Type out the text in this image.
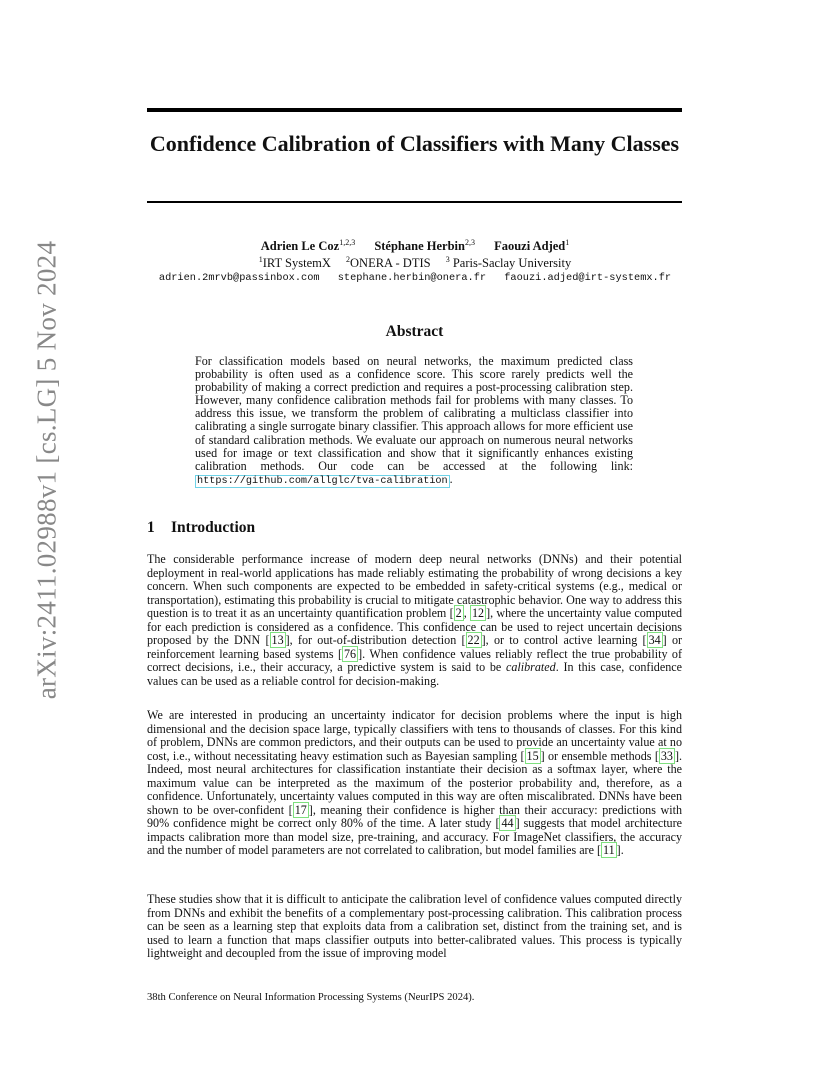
arXiv:2411.02988v1 [cs.LG] 5 Nov 2024
Confidence Calibration of Classifiers with Many Classes
Adrien Le Coz$^{1,2,3}$ Stéphane Herbin$^{2,3}$ Faouzi Adjed$^1$
$^1$IRT SystemX $^2$ONERA - DTIS $^3$ Paris-Saclay University
adrien.2mrvb@passinbox.com stephane.herbin@onera.fr faouzi.adjed@irt-systemx.fr
Abstract

For classification models based on neural networks, the maximum predicted class probability is often used as a confidence score. This score rarely predicts well the probability of making a correct prediction and requires a post-processing calibration step. However, many confidence calibration methods fail for problems with many classes. To address this issue, we transform the problem of calibrating a multiclass classifier into calibrating a single surrogate binary classifier. This approach allows for more efficient use of standard calibration methods. We evaluate our approach on numerous neural networks used for image or text classification and show that it significantly enhances existing calibration methods. Our code can be accessed at the following link: https://github.com/allglc/tva-calibration .

1 Introduction

The considerable performance increase of modern deep neural networks (DNNs) and their potential deployment in real-world applications has made reliably estimating the probability of wrong decisions a key concern. When such components are expected to be embedded in safety-critical systems (e.g., medical or transportation), estimating this probability is crucial to mitigate catastrophic behavior. One way to address this question is to treat it as an uncertainty quantification problem [ 2 , 12 ], where the uncertainty value computed for each prediction is considered as a confidence. This confidence can be used to reject uncertain decisions proposed by the DNN [ 13 ], for out-of-distribution detection [ 22 ], or to control active learning [ 34 ] or reinforcement learning based systems [ 76 ]. When confidence values reliably reflect the true probability of correct decisions, i.e., their accuracy, a predictive system is said to be calibrated. In this case, confidence values can be used as a reliable control for decision-making.

We are interested in producing an uncertainty indicator for decision problems where the input is high dimensional and the decision space large, typically classifiers with tens to thousands of classes. For this kind of problem, DNNs are common predictors, and their outputs can be used to provide an uncertainty value at no cost, i.e., without necessitating heavy estimation such as Bayesian sampling [ 15 ] or ensemble methods [ 33 ]. Indeed, most neural architectures for classification instantiate their decision as a softmax layer, where the maximum value can be interpreted as the maximum of the posterior probability and, therefore, as a confidence. Unfortunately, uncertainty values computed in this way are often miscalibrated. DNNs have been shown to be over-confident [ 17 ], meaning their confidence is higher than their accuracy: predictions with 90% confidence might be correct only 80% of the time. A later study [ 44 ] suggests that model architecture impacts calibration more than model size, pre-training, and accuracy. For ImageNet classifiers, the accuracy and the number of model parameters are not correlated to calibration, but model families are [ 11 ].

These studies show that it is difficult to anticipate the calibration level of confidence values computed directly from DNNs and exhibit the benefits of a complementary post-processing calibration. This calibration process can be seen as a learning step that exploits data from a calibration set, distinct from the training set, and is used to learn a function that maps classifier outputs into better-calibrated values. This process is typically lightweight and decoupled from the issue of improving model

38th Conference on Neural Information Processing Systems (NeurIPS 2024).
